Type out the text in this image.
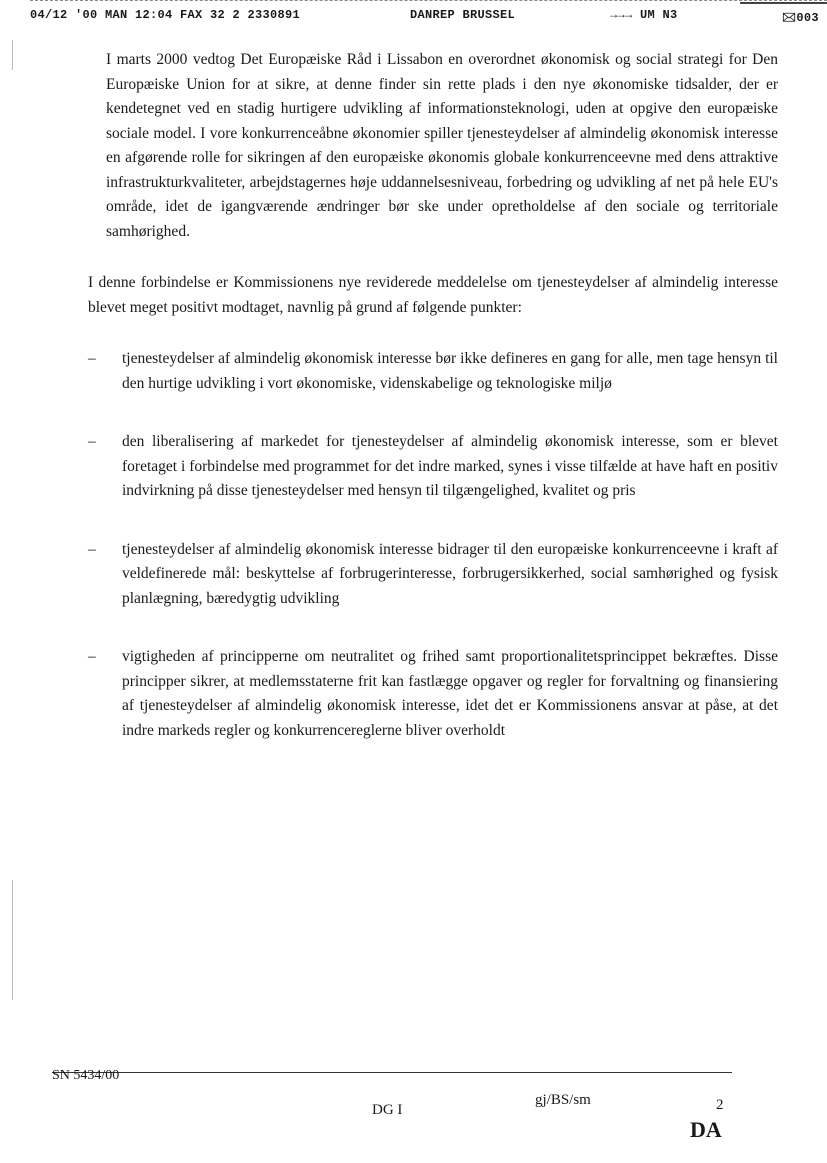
04/12 '00 MAN 12:04 FAX 32 2 2330891	DANREP BRUSSEL	→→→ UM N3	🖂003

I marts 2000 vedtog Det Europæiske Råd i Lissabon en overordnet økonomisk og social strategi for Den Europæiske Union for at sikre, at denne finder sin rette plads i den nye økonomiske tidsalder, der er kendetegnet ved en stadig hurtigere udvikling af informationsteknologi, uden at opgive den europæiske sociale model. I vore konkurrenceåbne økonomier spiller tjenesteydelser af almindelig økonomisk interesse en afgørende rolle for sikringen af den europæiske økonomis globale konkurrenceevne med dens attraktive infrastrukturkvaliteter, arbejdstagernes høje uddannelsesniveau, forbedring og udvikling af net på hele EU's område, idet de igangværende ændringer bør ske under opretholdelse af den sociale og territoriale samhørighed.

I denne forbindelse er Kommissionens nye reviderede meddelelse om tjenesteydelser af almindelig interesse blevet meget positivt modtaget, navnlig på grund af følgende punkter:

– tjenesteydelser af almindelig økonomisk interesse bør ikke defineres en gang for alle, men tage hensyn til den hurtige udvikling i vort økonomiske, videnskabelige og teknologiske miljø
– den liberalisering af markedet for tjenesteydelser af almindelig økonomisk interesse, som er blevet foretaget i forbindelse med programmet for det indre marked, synes i visse tilfælde at have haft en positiv indvirkning på disse tjenesteydelser med hensyn til tilgængelighed, kvalitet og pris
– tjenesteydelser af almindelig økonomisk interesse bidrager til den europæiske konkurrenceevne i kraft af veldefinerede mål: beskyttelse af forbrugerinteresse, forbrugersikkerhed, social samhørighed og fysisk planlægning, bæredygtig udvikling
– vigtigheden af principperne om neutralitet og frihed samt proportionalitetsprincippet bekræftes. Disse principper sikrer, at medlemsstaterne frit kan fastlægge opgaver og regler for forvaltning og finansiering af tjenesteydelser af almindelig økonomisk interesse, idet det er Kommissionens ansvar at påse, at det indre markeds regler og konkurrencereglerne bliver overholdt
SN 5434/00
DG I
gj/BS/sm	2
DA
